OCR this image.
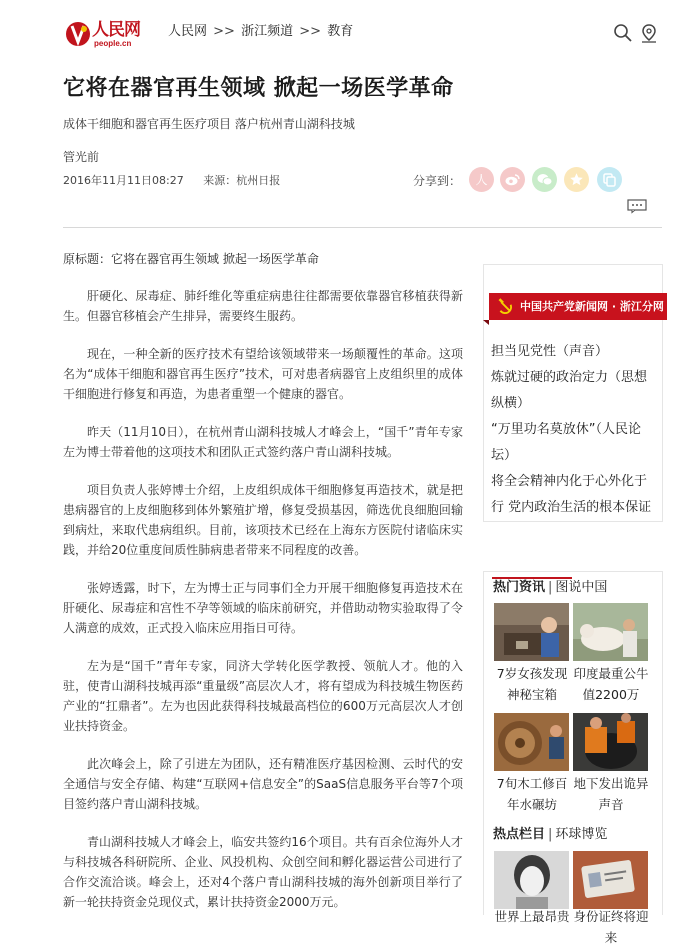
人民网
people.cn
人民网 >> 浙江频道 >> 教育
它将在器官再生领域 掀起一场医学革命
成体干细胞和器官再生医疗项目 落户杭州青山湖科技城
管光前
2016年11月11日08:27 来源：杭州日报	分享到： 人
原标题：它将在器官再生领域 掀起一场医学革命

肝硬化、尿毒症、肺纤维化等重症病患往往都需要依靠器官移植获得新生。但器官移植会产生排异，需要终生服药。

现在，一种全新的医疗技术有望给该领域带来一场颠覆性的革命。这项名为“成体干细胞和器官再生医疗”技术，可对患者病器官上皮组织里的成体干细胞进行修复和再造，为患者重塑一个健康的器官。

昨天（11月10日），在杭州青山湖科技城人才峰会上，“国千”青年专家左为博士带着他的这项技术和团队正式签约落户青山湖科技城。

项目负责人张婷博士介绍，上皮组织成体干细胞修复再造技术，就是把患病器官的上皮细胞移到体外繁殖扩增，修复受损基因，筛选优良细胞回输到病灶，来取代患病组织。目前，该项技术已经在上海东方医院付诸临床实践，并给20位重度间质性肺病患者带来不同程度的改善。

张婷透露，时下，左为博士正与同事们全力开展干细胞修复再造技术在肝硬化、尿毒症和宫性不孕等领域的临床前研究，并借助动物实验取得了令人满意的成效，正式投入临床应用指日可待。

左为是“国千”青年专家，同济大学转化医学教授、领航人才。他的入驻，使青山湖科技城再添“重量级”高层次人才，将有望成为科技城生物医药产业的“扛鼎者”。左为也因此获得科技城最高档位的600万元高层次人才创业扶持资金。

此次峰会上，除了引进左为团队，还有精准医疗基因检测、云时代的安全通信与安全存储、构建“互联网+信息安全”的SaaS信息服务平台等7个项目签约落户青山湖科技城。

青山湖科技城人才峰会上，临安共签约16个项目。共有百余位海外人才与科技城各科研院所、企业、风投机构、众创空间和孵化器运营公司进行了合作交流洽谈。峰会上，还对4个落户青山湖科技城的海外创新项目举行了新一轮扶持资金兑现仪式，累计扶持资金2000万元。

中国共产党新闻网 · 浙江分网
担当见党性（声音）
炼就过硬的政治定力（思想纵横）
“万里功名莫放休”（人民论坛）
将全会精神内化于心外化于行 党内政治生活的根本保证
热门资讯 | 图说中国
7岁女孩发现神秘宝箱
印度最重公牛值2200万
7旬木工修百年水碾坊
地下发出诡异声音
热点栏目 | 环球博览
世界上最昂贵 身份证终将迎来
